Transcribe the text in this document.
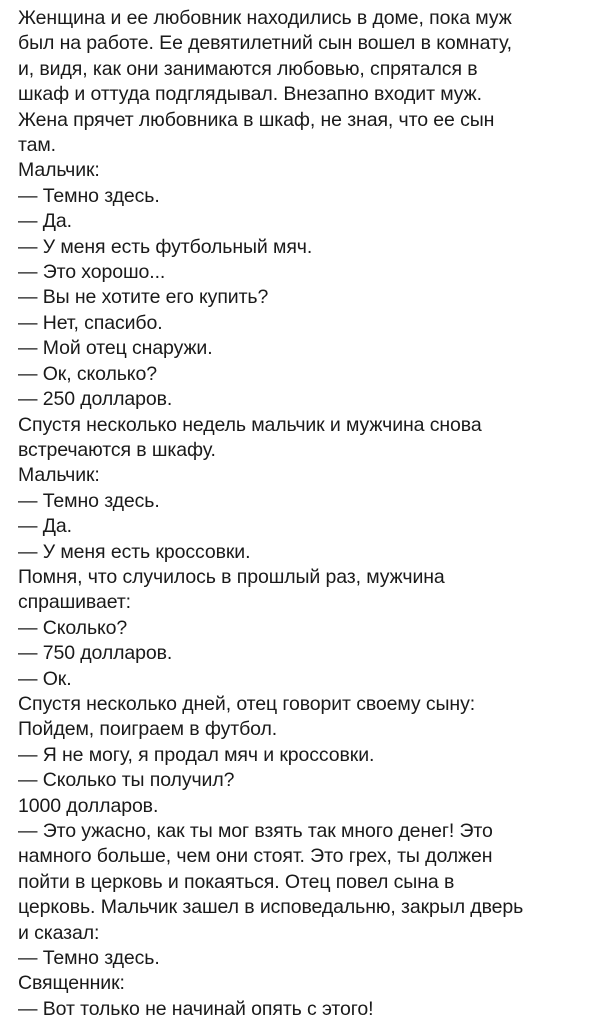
Женщина и ее любовник находились в доме, пока муж
был на работе. Ее девятилетний сын вошел в комнату,
и, видя, как они занимаются любовью, спрятался в
шкаф и оттуда подглядывал. Внезапно входит муж.
Жена прячет любовника в шкаф, не зная, что ее сын
там.
Мальчик:
— Темно здесь.
— Да.
— У меня есть футбольный мяч.
— Это хорошо...
— Вы не хотите его купить?
— Нет, спасибо.
— Мой отец снаружи.
— Ок, сколько?
— 250 долларов.
Спустя несколько недель мальчик и мужчина снова
встречаются в шкафу.
Мальчик:
— Темно здесь.
— Да.
— У меня есть кроссовки.
Помня, что случилось в прошлый раз, мужчина
спрашивает:
— Сколько?
— 750 долларов.
— Ок.
Спустя несколько дней, отец говорит своему сыну:
Пойдем, поиграем в футбол.
— Я не могу, я продал мяч и кроссовки.
— Сколько ты получил?
1000 долларов.
— Это ужасно, как ты мог взять так много денег! Это
намного больше, чем они стоят. Это грех, ты должен
пойти в церковь и покаяться. Отец повел сына в
церковь. Мальчик зашел в исповедальню, закрыл дверь
и сказал:
— Темно здесь.
Священник:
— Вот только не начинай опять с этого!
